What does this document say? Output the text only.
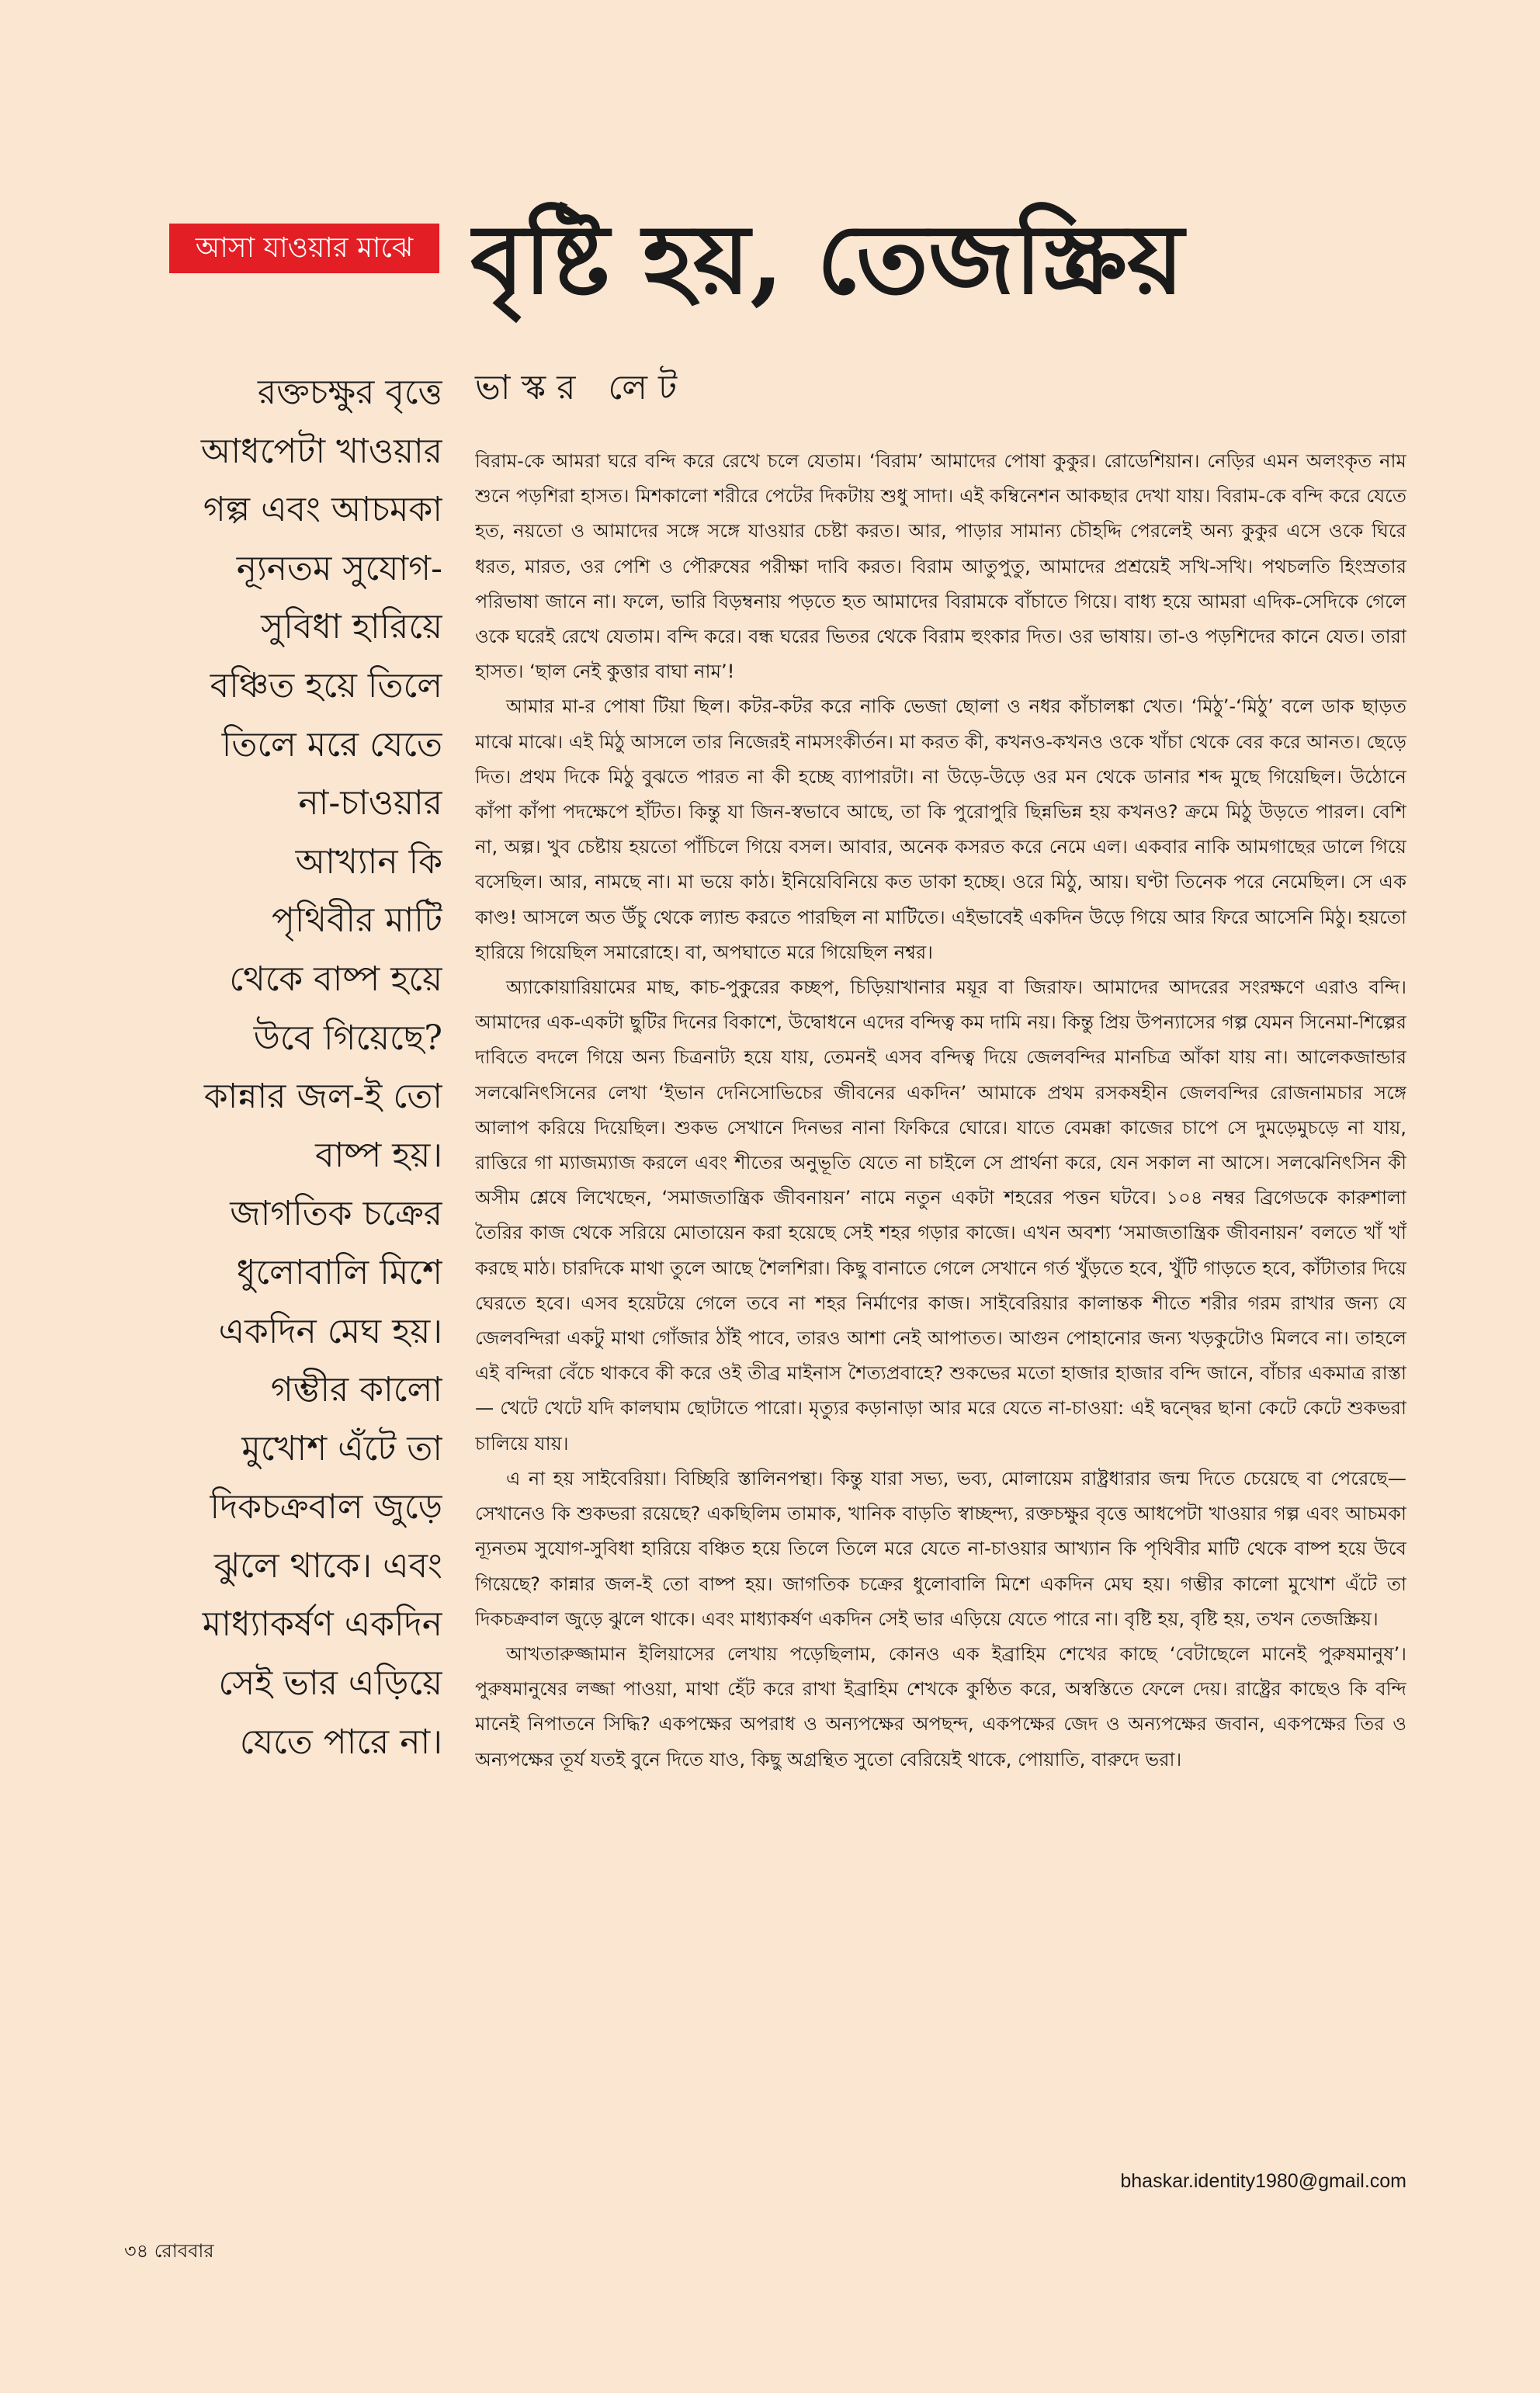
আসা যাওয়ার মাঝে বৃষ্টি হয়, তেজস্ক্রিয়
ভাস্কর লেট
রক্তচক্ষুর বৃত্তে
আধপেটা খাওয়ার
গল্প এবং আচমকা
ন্যূনতম সুযোগ-
সুবিধা হারিয়ে
বঞ্চিত হয়ে তিলে
তিলে মরে যেতে
না-চাওয়ার
আখ্যান কি
পৃথিবীর মাটি
থেকে বাষ্প হয়ে
উবে গিয়েছে?
কান্নার জল-ই তো
বাষ্প হয়।
জাগতিক চক্রের
ধুলোবালি মিশে
একদিন মেঘ হয়।
গম্ভীর কালো
মুখোশ এঁটে তা
দিকচক্রবাল জুড়ে
ঝুলে থাকে। এবং
মাধ্যাকর্ষণ একদিন
সেই ভার এড়িয়ে
যেতে পারে না।

বিরাম-কে আমরা ঘরে বন্দি করে রেখে চলে যেতাম। ‘বিরাম’ আমাদের পোষা কুকুর। রোডেশিয়ান। নেড়ির এমন অলংকৃত নাম শুনে পড়শিরা হাসত। মিশকালো শরীরে পেটের দিকটায় শুধু সাদা। এই কম্বিনেশন আকছার দেখা যায়। বিরাম-কে বন্দি করে যেতে হত, নয়তো ও আমাদের সঙ্গে সঙ্গে যাওয়ার চেষ্টা করত। আর, পাড়ার সামান্য চৌহদ্দি পেরলেই অন্য কুকুর এসে ওকে ঘিরে ধরত, মারত, ওর পেশি ও পৌরুষের পরীক্ষা দাবি করত। বিরাম আতুপুতু, আমাদের প্রশ্রয়েই সখি-সখি। পথচলতি হিংস্রতার পরিভাষা জানে না। ফলে, ভারি বিড়ম্বনায় পড়তে হত আমাদের বিরামকে বাঁচাতে গিয়ে। বাধ্য হয়ে আমরা এদিক-সেদিকে গেলে ওকে ঘরেই রেখে যেতাম। বন্দি করে। বন্ধ ঘরের ভিতর থেকে বিরাম হুংকার দিত। ওর ভাষায়। তা-ও পড়শিদের কানে যেত। তারা হাসত। ‘ছাল নেই কুত্তার বাঘা নাম’!

আমার মা-র পোষা টিয়া ছিল। কটর-কটর করে নাকি ভেজা ছোলা ও নধর কাঁচালঙ্কা খেত। ‘মিঠু’-‘মিঠু’ বলে ডাক ছাড়ত মাঝে মাঝে। এই মিঠু আসলে তার নিজেরই নামসংকীর্তন। মা করত কী, কখনও-কখনও ওকে খাঁচা থেকে বের করে আনত। ছেড়ে দিত। প্রথম দিকে মিঠু বুঝতে পারত না কী হচ্ছে ব্যাপারটা। না উড়ে-উড়ে ওর মন থেকে ডানার শব্দ মুছে গিয়েছিল। উঠোনে কাঁপা কাঁপা পদক্ষেপে হাঁটত। কিন্তু যা জিন-স্বভাবে আছে, তা কি পুরোপুরি ছিন্নভিন্ন হয় কখনও? ক্রমে মিঠু উড়তে পারল। বেশি না, অল্প। খুব চেষ্টায় হয়তো পাঁচিলে গিয়ে বসল। আবার, অনেক কসরত করে নেমে এল। একবার নাকি আমগাছের ডালে গিয়ে বসেছিল। আর, নামছে না। মা ভয়ে কাঠ। ইনিয়েবিনিয়ে কত ডাকা হচ্ছে। ওরে মিঠু, আয়। ঘণ্টা তিনেক পরে নেমেছিল। সে এক কাণ্ড! আসলে অত উঁচু থেকে ল্যান্ড করতে পারছিল না মাটিতে। এইভাবেই একদিন উড়ে গিয়ে আর ফিরে আসেনি মিঠু। হয়তো হারিয়ে গিয়েছিল সমারোহে। বা, অপঘাতে মরে গিয়েছিল নশ্বর।

অ্যাকোয়ারিয়ামের মাছ, কাচ-পুকুরের কচ্ছপ, চিড়িয়াখানার ময়ূর বা জিরাফ। আমাদের আদরের সংরক্ষণে এরাও বন্দি। আমাদের এক-একটা ছুটির দিনের বিকাশে, উদ্বোধনে এদের বন্দিত্ব কম দামি নয়। কিন্তু প্রিয় উপন্যাসের গল্প যেমন সিনেমা-শিল্পের দাবিতে বদলে গিয়ে অন্য চিত্রনাট্য হয়ে যায়, তেমনই এসব বন্দিত্ব দিয়ে জেলবন্দির মানচিত্র আঁকা যায় না। আলেকজান্ডার সলঝেনিৎসিনের লেখা ‘ইভান দেনিসোভিচের জীবনের একদিন’ আমাকে প্রথম রসকষহীন জেলবন্দির রোজনামচার সঙ্গে আলাপ করিয়ে দিয়েছিল। শুকভ সেখানে দিনভর নানা ফিকিরে ঘোরে। যাতে বেমক্কা কাজের চাপে সে দুমড়েমুচড়ে না যায়, রাত্তিরে গা ম্যাজম্যাজ করলে এবং শীতের অনুভূতি যেতে না চাইলে সে প্রার্থনা করে, যেন সকাল না আসে। সলঝেনিৎসিন কী অসীম শ্লেষে লিখেছেন, ‘সমাজতান্ত্রিক জীবনায়ন’ নামে নতুন একটা শহরের পত্তন ঘটবে। ১০৪ নম্বর ব্রিগেডকে কারুশালা তৈরির কাজ থেকে সরিয়ে মোতায়েন করা হয়েছে সেই শহর গড়ার কাজে। এখন অবশ্য ‘সমাজতান্ত্রিক জীবনায়ন’ বলতে খাঁ খাঁ করছে মাঠ। চারদিকে মাথা তুলে আছে শৈলশিরা। কিছু বানাতে গেলে সেখানে গর্ত খুঁড়তে হবে, খুঁটি গাড়তে হবে, কাঁটাতার দিয়ে ঘেরতে হবে। এসব হয়েটয়ে গেলে তবে না শহর নির্মাণের কাজ। সাইবেরিয়ার কালান্তক শীতে শরীর গরম রাখার জন্য যে জেলবন্দিরা একটু মাথা গোঁজার ঠাঁই পাবে, তারও আশা নেই আপাতত। আগুন পোহানোর জন্য খড়কুটোও মিলবে না। তাহলে এই বন্দিরা বেঁচে থাকবে কী করে ওই তীব্র মাইনাস শৈত্যপ্রবাহে? শুকভের মতো হাজার হাজার বন্দি জানে, বাঁচার একমাত্র রাস্তা— খেটে খেটে যদি কালঘাম ছোটাতে পারো। মৃত্যুর কড়ানাড়া আর মরে যেতে না-চাওয়া: এই দ্বন্দ্বের ছানা কেটে কেটে শুকভরা চালিয়ে যায়।

এ না হয় সাইবেরিয়া। বিচ্ছিরি স্তালিনপন্থা। কিন্তু যারা সভ্য, ভব্য, মোলায়েম রাষ্ট্রধারার জন্ম দিতে চেয়েছে বা পেরেছে— সেখানেও কি শুকভরা রয়েছে? একছিলিম তামাক, খানিক বাড়তি স্বাচ্ছন্দ্য, রক্তচক্ষুর বৃত্তে আধপেটা খাওয়ার গল্প এবং আচমকা ন্যূনতম সুযোগ-সুবিধা হারিয়ে বঞ্চিত হয়ে তিলে তিলে মরে যেতে না-চাওয়ার আখ্যান কি পৃথিবীর মাটি থেকে বাষ্প হয়ে উবে গিয়েছে? কান্নার জল-ই তো বাষ্প হয়। জাগতিক চক্রের ধুলোবালি মিশে একদিন মেঘ হয়। গম্ভীর কালো মুখোশ এঁটে তা দিকচক্রবাল জুড়ে ঝুলে থাকে। এবং মাধ্যাকর্ষণ একদিন সেই ভার এড়িয়ে যেতে পারে না। বৃষ্টি হয়, বৃষ্টি হয়, তখন তেজস্ক্রিয়।

আখতারুজ্জামান ইলিয়াসের লেখায় পড়েছিলাম, কোনও এক ইব্রাহিম শেখের কাছে ‘বেটাছেলে মানেই পুরুষমানুষ’। পুরুষমানুষের লজ্জা পাওয়া, মাথা হেঁট করে রাখা ইব্রাহিম শেখকে কুণ্ঠিত করে, অস্বস্তিতে ফেলে দেয়। রাষ্ট্রের কাছেও কি বন্দি মানেই নিপাতনে সিদ্ধি? একপক্ষের অপরাধ ও অন্যপক্ষের অপছন্দ, একপক্ষের জেদ ও অন্যপক্ষের জবান, একপক্ষের তির ও অন্যপক্ষের তূর্য যতই বুনে দিতে যাও, কিছু অগ্রন্থিত সুতো বেরিয়েই থাকে, পোয়াতি, বারুদে ভরা।

bhaskar.identity1980@gmail.com
৩৪ রোববার
